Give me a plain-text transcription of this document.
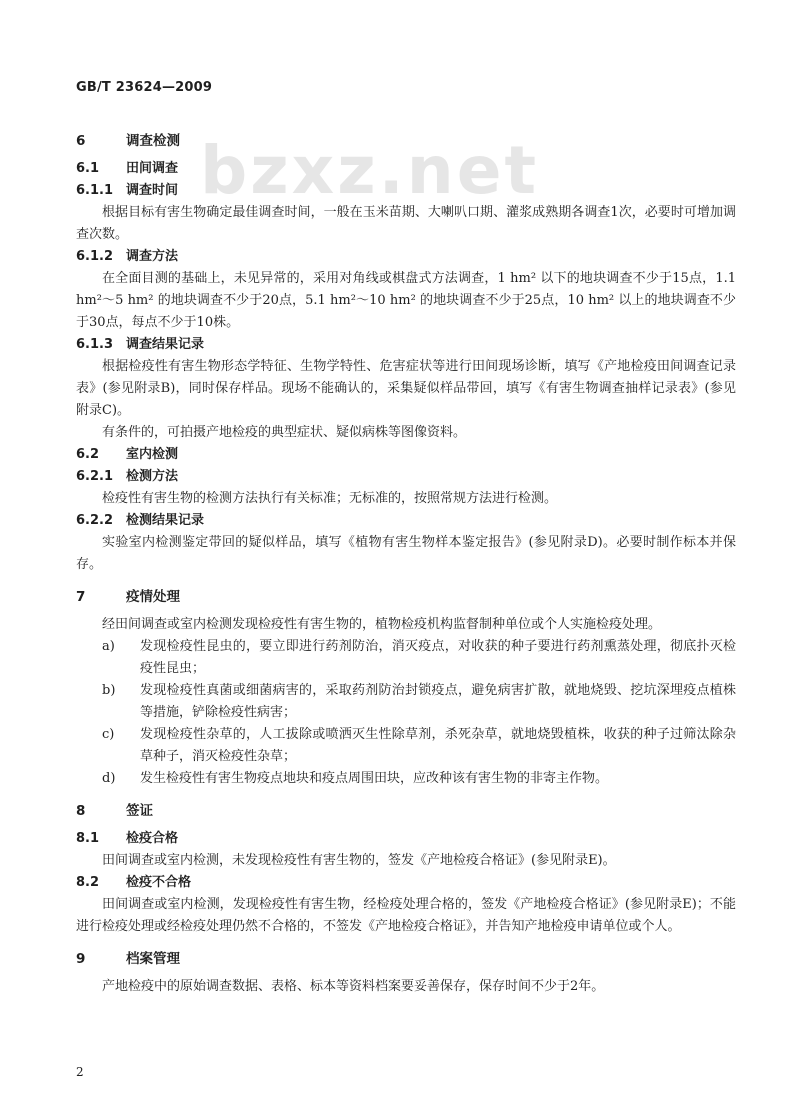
GB/T 23624—2009
bzxz.net
6	调查检测
6.1 田间调查
6.1.1 调查时间
根据目标有害生物确定最佳调查时间，一般在玉米苗期、大喇叭口期、灌浆成熟期各调查1次，必要时可增加调查次数。
6.1.2 调查方法
在全面目测的基础上，未见异常的，采用对角线或棋盘式方法调查，1 hm² 以下的地块调查不少于15点，1.1 hm²～5 hm² 的地块调查不少于20点，5.1 hm²～10 hm² 的地块调查不少于25点，10 hm² 以上的地块调查不少于30点，每点不少于10株。
6.1.3 调查结果记录
根据检疫性有害生物形态学特征、生物学特性、危害症状等进行田间现场诊断，填写《产地检疫田间调查记录表》(参见附录B)，同时保存样品。现场不能确认的，采集疑似样品带回，填写《有害生物调查抽样记录表》(参见附录C)。
有条件的，可拍摄产地检疫的典型症状、疑似病株等图像资料。
6.2 室内检测
6.2.1 检测方法
检疫性有害生物的检测方法执行有关标准；无标准的，按照常规方法进行检测。
6.2.2 检测结果记录
实验室内检测鉴定带回的疑似样品，填写《植物有害生物样本鉴定报告》(参见附录D)。必要时制作标本并保存。
7	疫情处理
经田间调查或室内检测发现检疫性有害生物的，植物检疫机构监督制种单位或个人实施检疫处理。
a)	发现检疫性昆虫的，要立即进行药剂防治，消灭疫点，对收获的种子要进行药剂熏蒸处理，彻底扑灭检疫性昆虫；
b)	发现检疫性真菌或细菌病害的，采取药剂防治封锁疫点，避免病害扩散，就地烧毁、挖坑深埋疫点植株等措施，铲除检疫性病害；
c)	发现检疫性杂草的，人工拔除或喷洒灭生性除草剂，杀死杂草，就地烧毁植株，收获的种子过筛汰除杂草种子，消灭检疫性杂草；
d)	发生检疫性有害生物疫点地块和疫点周围田块，应改种该有害生物的非寄主作物。
8	签证
8.1 检疫合格
田间调查或室内检测，未发现检疫性有害生物的，签发《产地检疫合格证》(参见附录E)。
8.2 检疫不合格
田间调查或室内检测，发现检疫性有害生物，经检疫处理合格的，签发《产地检疫合格证》(参见附录E)；不能进行检疫处理或经检疫处理仍然不合格的，不签发《产地检疫合格证》，并告知产地检疫申请单位或个人。
9	档案管理
产地检疫中的原始调查数据、表格、标本等资料档案要妥善保存，保存时间不少于2年。
2
